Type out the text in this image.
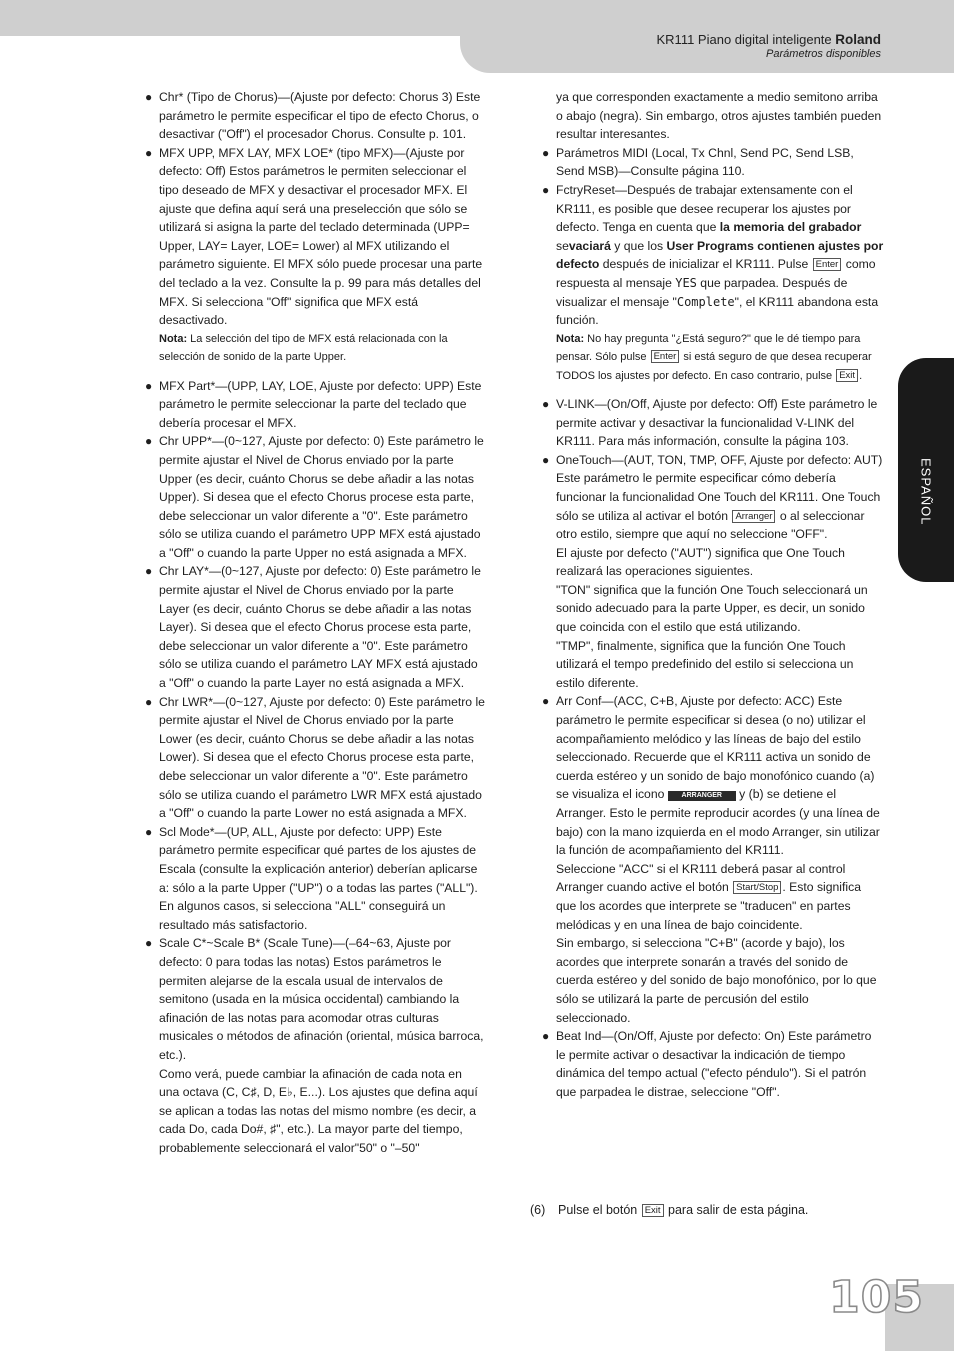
KR111 Piano digital inteligente Roland
Parámetros disponibles
● Chr* (Tipo de Chorus)—(Ajuste por defecto: Chorus 3) Este parámetro le permite especificar el tipo de efecto Chorus, o desactivar ("Off") el procesador Chorus. Consulte p. 101.

● MFX UPP, MFX LAY, MFX LOE* (tipo MFX)—(Ajuste por defecto: Off) Estos parámetros le permiten seleccionar el tipo deseado de MFX y desactivar el procesador MFX. El ajuste que defina aquí será una preselección que sólo se utilizará si asigna la parte del teclado determinada (UPP= Upper, LAY= Layer, LOE= Lower) al MFX utilizando el parámetro siguiente. El MFX sólo puede procesar una parte del teclado a la vez. Consulte la p. 99 para más detalles del MFX. Si selecciona "Off" significa que MFX está desactivado.

Nota: La selección del tipo de MFX está relacionada con la selección de sonido de la parte Upper.

● MFX Part*—(UPP, LAY, LOE, Ajuste por defecto: UPP) Este parámetro le permite seleccionar la parte del teclado que debería procesar el MFX.

● Chr UPP*—(0~127, Ajuste por defecto: 0) Este parámetro le permite ajustar el Nivel de Chorus enviado por la parte Upper (es decir, cuánto Chorus se debe añadir a las notas Upper). Si desea que el efecto Chorus procese esta parte, debe seleccionar un valor diferente a "0". Este parámetro sólo se utiliza cuando el parámetro UPP MFX está ajustado a "Off" o cuando la parte Upper no está asignada a MFX.

● Chr LAY*—(0~127, Ajuste por defecto: 0) Este parámetro le permite ajustar el Nivel de Chorus enviado por la parte Layer (es decir, cuánto Chorus se debe añadir a las notas Layer). Si desea que el efecto Chorus procese esta parte, debe seleccionar un valor diferente a "0". Este parámetro sólo se utiliza cuando el parámetro LAY MFX está ajustado a "Off" o cuando la parte Layer no está asignada a MFX.

● Chr LWR*—(0~127, Ajuste por defecto: 0) Este parámetro le permite ajustar el Nivel de Chorus enviado por la parte Lower (es decir, cuánto Chorus se debe añadir a las notas Lower). Si desea que el efecto Chorus procese esta parte, debe seleccionar un valor diferente a "0". Este parámetro sólo se utiliza cuando el parámetro LWR MFX está ajustado a "Off" o cuando la parte Lower no está asignada a MFX.

● Scl Mode*—(UP, ALL, Ajuste por defecto: UPP) Este parámetro permite especificar qué partes de los ajustes de Escala (consulte la explicación anterior) deberían aplicarse a: sólo a la parte Upper ("UP") o a todas las partes ("ALL"). En algunos casos, si selecciona "ALL" conseguirá un resultado más satisfactorio.

● Scale C*~Scale B* (Scale Tune)—(–64~63, Ajuste por defecto: 0 para todas las notas) Estos parámetros le permiten alejarse de la escala usual de intervalos de semitono (usada en la música occidental) cambiando la afinación de las notas para acomodar otras culturas musicales o métodos de afinación (oriental, música barroca, etc.).

Como verá, puede cambiar la afinación de cada nota en una octava (C, C♯, D, E♭, E...). Los ajustes que defina aquí se aplican a todas las notas del mismo nombre (es decir, a cada Do, cada Do#, ♯", etc.). La mayor parte del tiempo, probablemente seleccionará el valor"50" o "–50"

ya que corresponden exactamente a medio semitono arriba o abajo (negra). Sin embargo, otros ajustes también pueden resultar interesantes.

● Parámetros MIDI (Local, Tx Chnl, Send PC, Send LSB, Send MSB)—Consulte página 110.

● FctryReset—Después de trabajar extensamente con el KR111, es posible que desee recuperar los ajustes por defecto. Tenga en cuenta que la memoria del grabador sevaciará y que los User Programs contienen ajustes por defecto después de inicializar el KR111. Pulse Enter como respuesta al mensaje YES que parpadea. Después de visualizar el mensaje "Complete", el KR111 abandona esta función.

Nota: No hay pregunta "¿Está seguro?" que le dé tiempo para pensar. Sólo pulse Enter si está seguro de que desea recuperar TODOS los ajustes por defecto. En caso contrario, pulse Exit .

● V-LINK—(On/Off, Ajuste por defecto: Off) Este parámetro le permite activar y desactivar la funcionalidad V-LINK del KR111. Para más información, consulte la página 103.

● OneTouch—(AUT, TON, TMP, OFF, Ajuste por defecto: AUT) Este parámetro le permite especificar cómo debería funcionar la funcionalidad One Touch del KR111. One Touch sólo se utiliza al activar el botón Arranger o al seleccionar otro estilo, siempre que aquí no seleccione "OFF".

El ajuste por defecto ("AUT") significa que One Touch realizará las operaciones siguientes.

"TON" significa que la función One Touch seleccionará un sonido adecuado para la parte Upper, es decir, un sonido que coincida con el estilo que está utilizando.

"TMP", finalmente, significa que la función One Touch utilizará el tempo predefinido del estilo si selecciona un estilo diferente.

● Arr Conf—(ACC, C+B, Ajuste por defecto: ACC) Este parámetro le permite especificar si desea (o no) utilizar el acompañamiento melódico y las líneas de bajo del estilo seleccionado. Recuerde que el KR111 activa un sonido de cuerda estéreo y un sonido de bajo monofónico cuando (a) se visualiza el icono ARRANGER y (b) se detiene el Arranger. Esto le permite reproducir acordes (y una línea de bajo) con la mano izquierda en el modo Arranger, sin utilizar la función de acompañamiento del KR111.

Seleccione "ACC" si el KR111 deberá pasar al control Arranger cuando active el botón Start/Stop . Esto significa que los acordes que interprete se "traducen" en partes melódicas y en una línea de bajo coincidente.

Sin embargo, si selecciona "C+B" (acorde y bajo), los acordes que interprete sonarán a través del sonido de cuerda estéreo y del sonido de bajo monofónico, por lo que sólo se utilizará la parte de percusión del estilo seleccionado.

● Beat Ind—(On/Off, Ajuste por defecto: On) Este parámetro le permite activar o desactivar la indicación de tiempo dinámica del tempo actual ("efecto péndulo"). Si el patrón que parpadea le distrae, seleccione "Off".

(6) Pulse el botón Exit para salir de esta página.
105
